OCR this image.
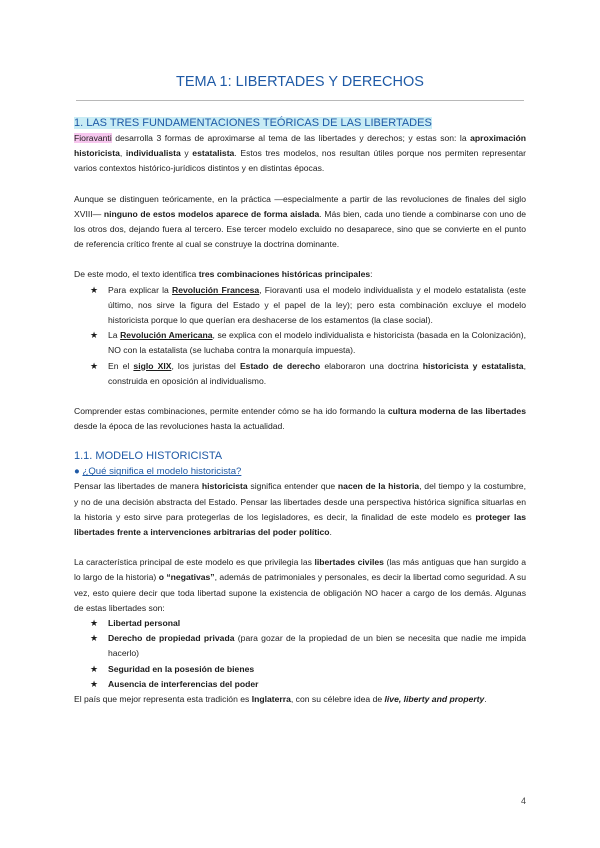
TEMA 1: LIBERTADES Y DERECHOS
1. LAS TRES FUNDAMENTACIONES TEÓRICAS DE LAS LIBERTADES

Fioravanti desarrolla 3 formas de aproximarse al tema de las libertades y derechos; y estas son: la aproximación historicista, individualista y estatalista. Estos tres modelos, nos resultan útiles porque nos permiten representar varios contextos histórico-jurídicos distintos y en distintas épocas.

Aunque se distinguen teóricamente, en la práctica —especialmente a partir de las revoluciones de finales del siglo XVIII— ninguno de estos modelos aparece de forma aislada. Más bien, cada uno tiende a combinarse con uno de los otros dos, dejando fuera al tercero. Ese tercer modelo excluido no desaparece, sino que se convierte en el punto de referencia crítico frente al cual se construye la doctrina dominante.

De este modo, el texto identifica tres combinaciones históricas principales:

★ Para explicar la Revolución Francesa, Fioravanti usa el modelo individualista y el modelo estatalista (este último, nos sirve la figura del Estado y el papel de la ley); pero esta combinación excluye el modelo historicista porque lo que querían era deshacerse de los estamentos (la clase social).
★ La Revolución Americana, se explica con el modelo individualista e historicista (basada en la Colonización), NO con la estatalista (se luchaba contra la monarquía impuesta).
★ En el siglo XIX, los juristas del Estado de derecho elaboraron una doctrina historicista y estatalista, construida en oposición al individualismo.

Comprender estas combinaciones, permite entender cómo se ha ido formando la cultura moderna de las libertades desde la época de las revoluciones hasta la actualidad.

1.1. MODELO HISTORICISTA
● ¿Qué significa el modelo historicista?

Pensar las libertades de manera historicista significa entender que nacen de la historia, del tiempo y la costumbre, y no de una decisión abstracta del Estado. Pensar las libertades desde una perspectiva histórica significa situarlas en la historia y esto sirve para protegerlas de los legisladores, es decir, la finalidad de este modelo es proteger las libertades frente a intervenciones arbitrarias del poder político.

La característica principal de este modelo es que privilegia las libertades civiles (las más antiguas que han surgido a lo largo de la historia) o “negativas”, además de patrimoniales y personales, es decir la libertad como seguridad. A su vez, esto quiere decir que toda libertad supone la existencia de obligación NO hacer a cargo de los demás. Algunas de estas libertades son:

★ Libertad personal
★ Derecho de propiedad privada (para gozar de la propiedad de un bien se necesita que nadie me impida hacerlo)
★ Seguridad en la posesión de bienes
★ Ausencia de interferencias del poder

El país que mejor representa esta tradición es Inglaterra, con su célebre idea de live, liberty and property.

4
